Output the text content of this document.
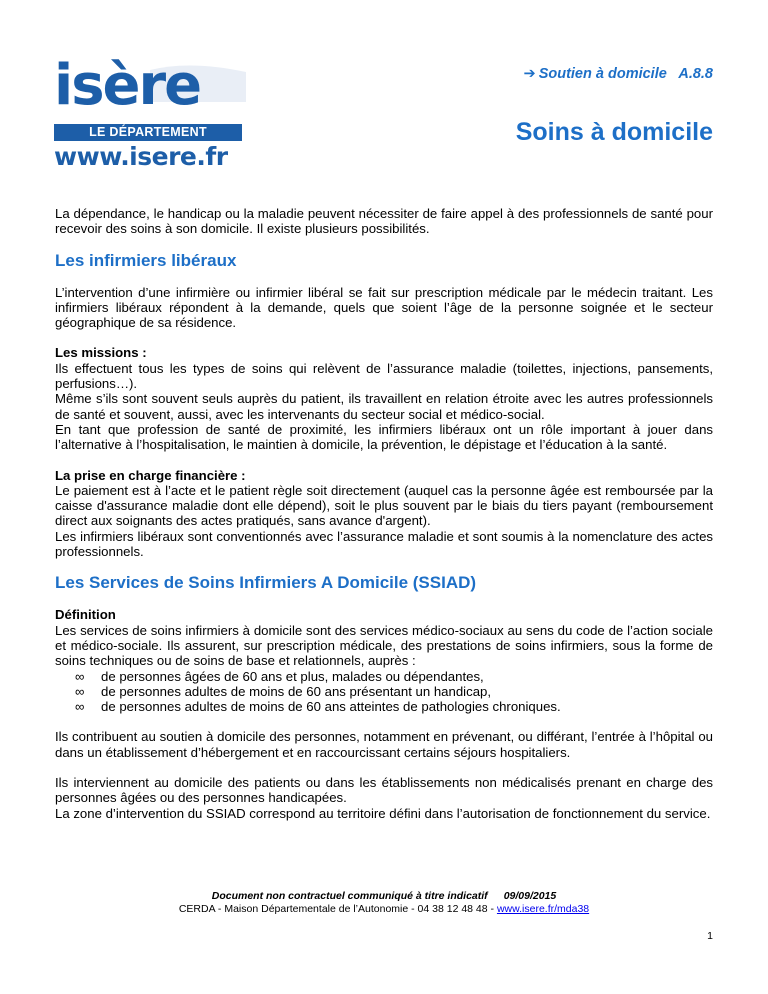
isère
LE DÉPARTEMENT
www.isere.fr
➔ Soutien à domicile   A.8.8
Soins à domicile

La dépendance, le handicap ou la maladie peuvent nécessiter de faire appel à des professionnels de santé pour recevoir des soins à son domicile. Il existe plusieurs possibilités.

Les infirmiers libéraux

L’intervention d’une infirmière ou infirmier libéral se fait sur prescription médicale par le médecin traitant. Les infirmiers libéraux répondent à la demande, quels que soient l’âge de la personne soignée et le secteur géographique de sa résidence.

Les missions :

Ils effectuent tous les types de soins qui relèvent de l’assurance maladie (toilettes, injections, pansements, perfusions…).

Même s’ils sont souvent seuls auprès du patient, ils travaillent en relation étroite avec les autres professionnels de santé et souvent, aussi, avec les intervenants du secteur social et médico-social.

En tant que profession de santé de proximité, les infirmiers libéraux ont un rôle important à jouer dans l’alternative à l’hospitalisation, le maintien à domicile, la prévention, le dépistage et l’éducation à la santé.

La prise en charge financière :

Le paiement est à l’acte et le patient règle soit directement (auquel cas la personne âgée est remboursée par la caisse d'assurance maladie dont elle dépend), soit le plus souvent par le biais du tiers payant (remboursement direct aux soignants des actes pratiqués, sans avance d'argent).

Les infirmiers libéraux sont conventionnés avec l’assurance maladie et sont soumis à la nomenclature des actes professionnels.

Les Services de Soins Infirmiers A Domicile (SSIAD)

Définition

Les services de soins infirmiers à domicile sont des services médico-sociaux au sens du code de l’action sociale et médico-sociale. Ils assurent, sur prescription médicale, des prestations de soins infirmiers, sous la forme de soins techniques ou de soins de base et relationnels, auprès :

∞ de personnes âgées de 60 ans et plus, malades ou dépendantes,
∞ de personnes adultes de moins de 60 ans présentant un handicap,
∞ de personnes adultes de moins de 60 ans atteintes de pathologies chroniques.

Ils contribuent au soutien à domicile des personnes, notamment en prévenant, ou différant, l’entrée à l’hôpital ou dans un établissement d’hébergement et en raccourcissant certains séjours hospitaliers.

Ils interviennent au domicile des patients ou dans les établissements non médicalisés prenant en charge des personnes âgées ou des personnes handicapées.

La zone d’intervention du SSIAD correspond au territoire défini dans l’autorisation de fonctionnement du service.

Document non contractuel communiqué à titre indicatif 09/09/2015
CERDA - Maison Départementale de l’Autonomie - 04 38 12 48 48 - www.isere.fr/mda38
1
